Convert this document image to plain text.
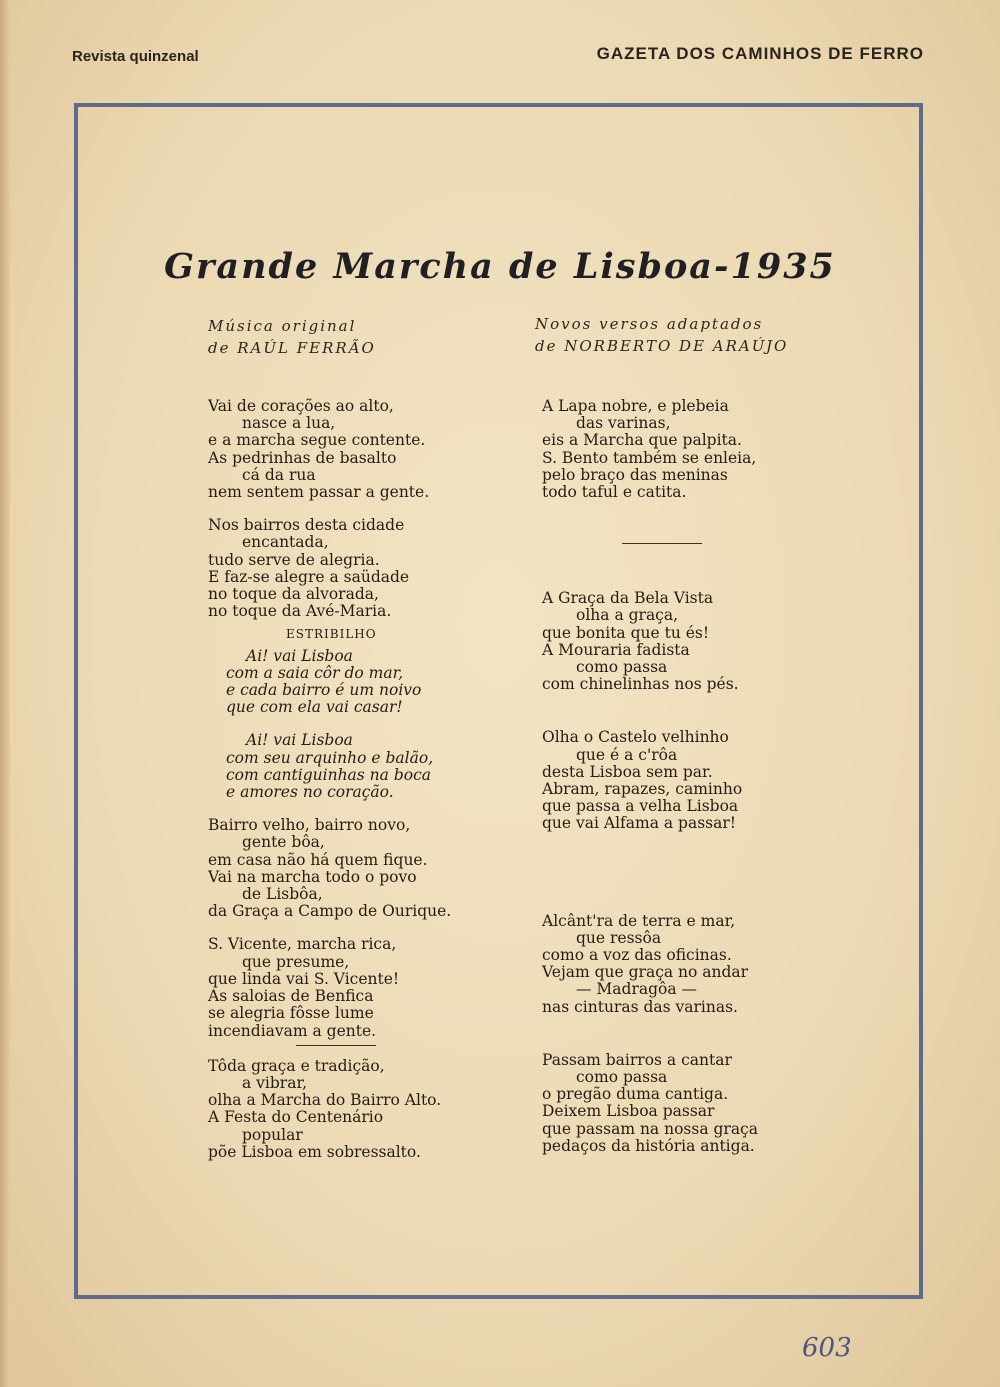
Revista quinzenal	GAZETA DOS CAMINHOS DE FERRO
Grande Marcha de Lisboa-1935
Música original
de RAÚL FERRÃO
Novos versos adaptados
de NORBERTO DE ARAÚJO
Vai de corações ao alto,
nasce a lua,
e a marcha segue contente.
As pedrinhas de basalto
cá da rua
nem sentem passar a gente.
Nos bairros desta cidade
encantada,
tudo serve de alegria.
E faz-se alegre a saüdade
no toque da alvorada,
no toque da Avé-Maria.
ESTRIBILHO
Ai! vai Lisboa
com a saia côr do mar,
e cada bairro é um noivo
que com ela vai casar!
Ai! vai Lisboa
com seu arquinho e balão,
com cantiguinhas na boca
e amores no coração.
Bairro velho, bairro novo,
gente bôa,
em casa não há quem fique.
Vai na marcha todo o povo
de Lisbôa,
da Graça a Campo de Ourique.
S. Vicente, marcha rica,
que presume,
que linda vai S. Vicente!
As saloias de Benfica
se alegria fôsse lume
incendiavam a gente.
Tôda graça e tradição,
a vibrar,
olha a Marcha do Bairro Alto.
A Festa do Centenário
popular
põe Lisboa em sobressalto.
A Lapa nobre, e plebeia
das varinas,
eis a Marcha que palpita.
S. Bento também se enleia,
pelo braço das meninas
todo taful e catita.
A Graça da Bela Vista
olha a graça,
que bonita que tu és!
A Mouraria fadista
como passa
com chinelinhas nos pés.
Olha o Castelo velhinho
que é a c'rôa
desta Lisboa sem par.
Abram, rapazes, caminho
que passa a velha Lisboa
que vai Alfama a passar!
Alcânt'ra de terra e mar,
que ressôa
como a voz das oficinas.
Vejam que graça no andar
— Madragôa —
nas cinturas das varinas.
Passam bairros a cantar
como passa
o pregão duma cantiga.
Deixem Lisboa passar
que passam na nossa graça
pedaços da história antiga.
603
